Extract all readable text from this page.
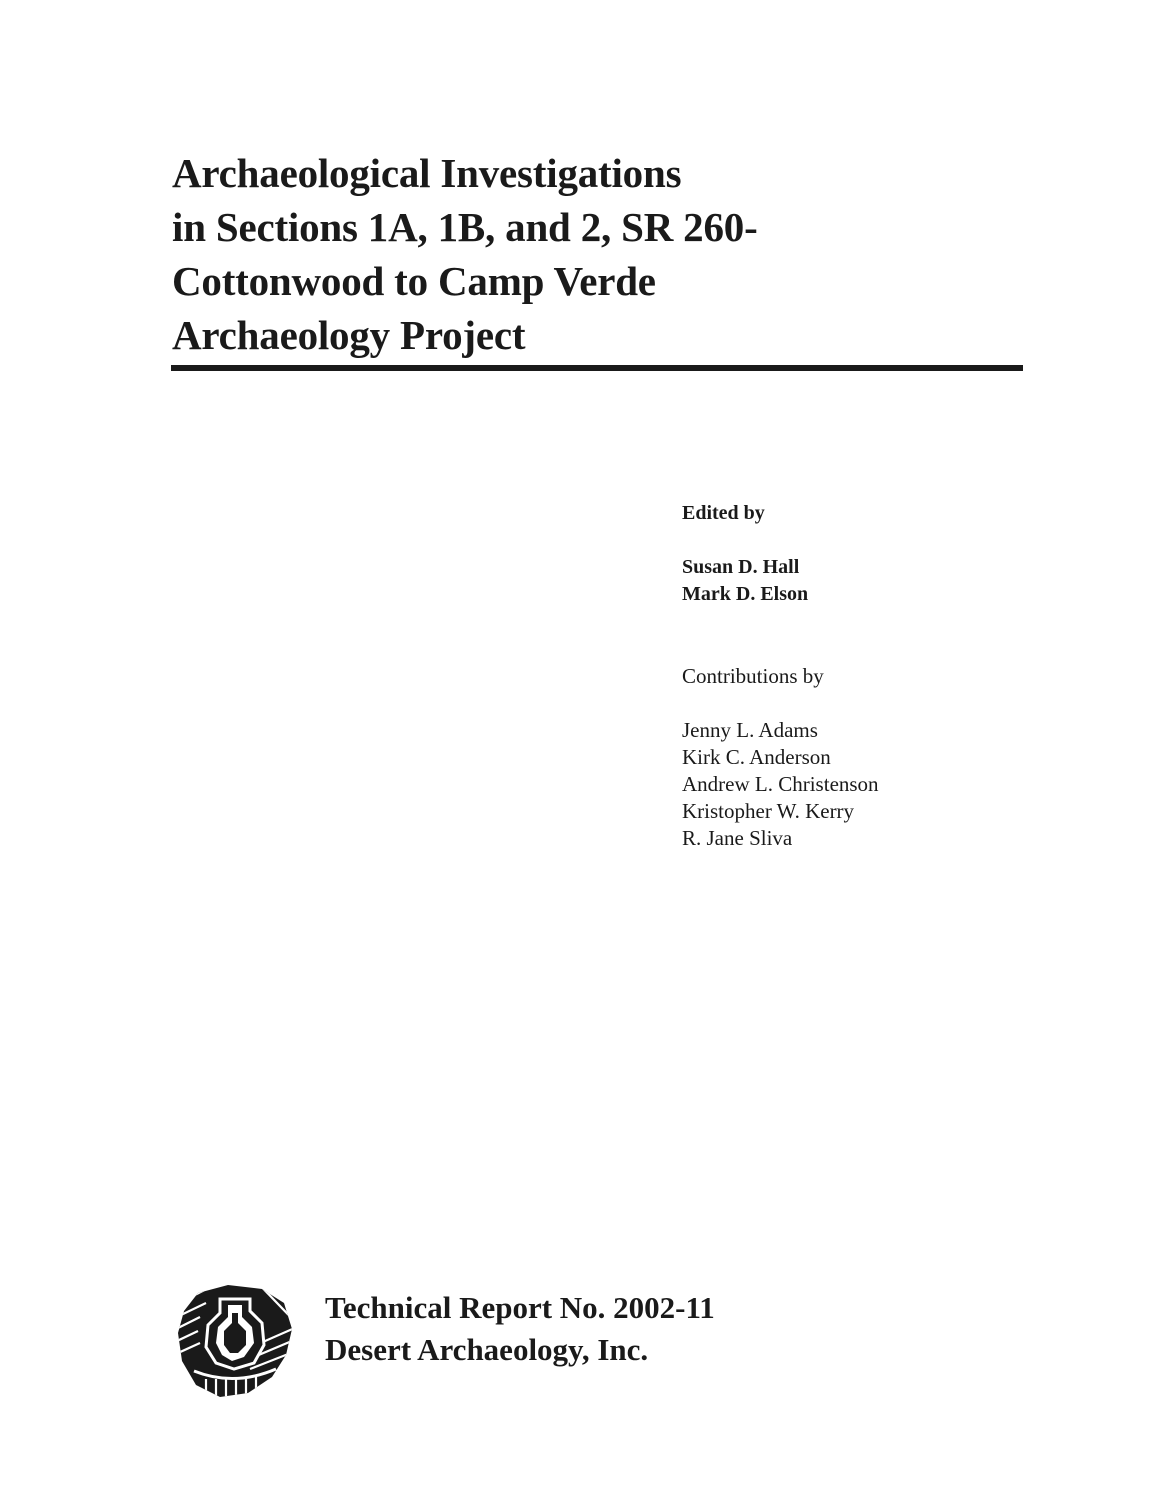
Archaeological Investigations
in Sections 1A, 1B, and 2, SR 260-
Cottonwood to Camp Verde
Archaeology Project
Edited by
Susan D. Hall
Mark D. Elson
Contributions by
Jenny L. Adams
Kirk C. Anderson
Andrew L. Christenson
Kristopher W. Kerry
R. Jane Sliva
Technical Report No. 2002-11
Desert Archaeology, Inc.
